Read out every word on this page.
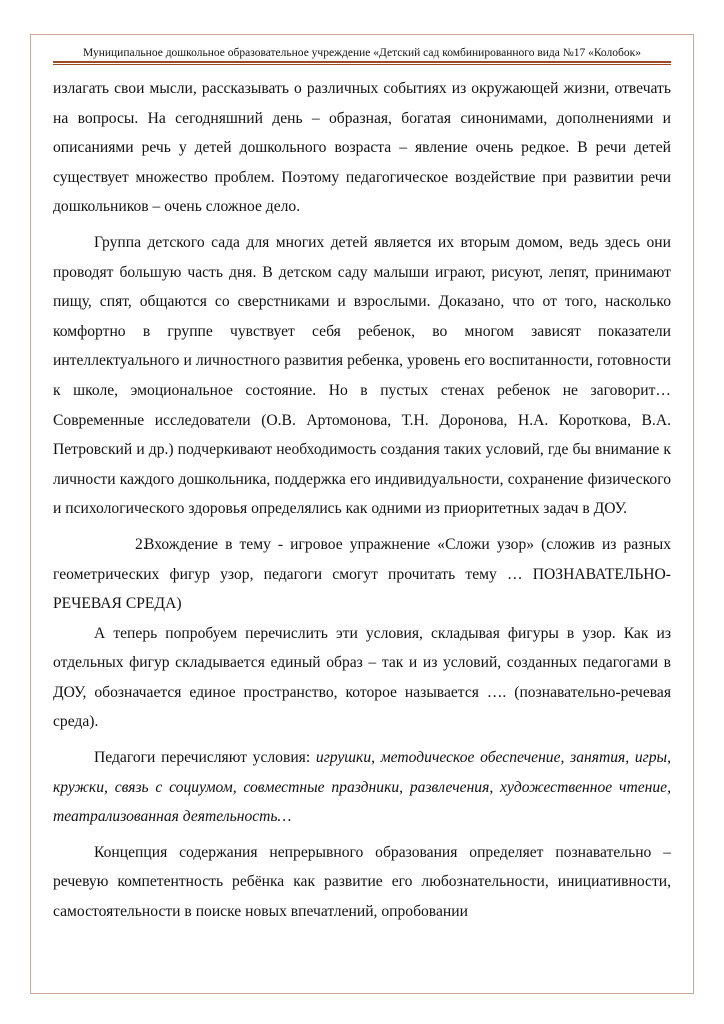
Муниципальное дошкольное образовательное учреждение «Детский сад комбинированного вида №17 «Колобок»

излагать свои мысли, рассказывать о различных событиях из окружающей жизни, отвечать на вопросы. На сегодняшний день – образная, богатая синонимами, дополнениями и описаниями речь у детей дошкольного возраста – явление очень редкое. В речи детей существует множество проблем. Поэтому педагогическое воздействие при развитии речи дошкольников – очень сложное дело.

Группа детского сада для многих детей является их вторым домом, ведь здесь они проводят большую часть дня. В детском саду малыши играют, рисуют, лепят, принимают пищу, спят, общаются со сверстниками и взрослыми. Доказано, что от того, насколько комфортно в группе чувствует себя ребенок, во многом зависят показатели интеллектуального и личностного развития ребенка, уровень его воспитанности, готовности к школе, эмоциональное состояние. Но в пустых стенах ребенок не заговорит… Современные исследователи (О.В. Артомонова, Т.Н. Доронова, Н.А. Короткова, В.А. Петровский и др.) подчеркивают необходимость создания таких условий, где бы внимание к личности каждого дошкольника, поддержка его индивидуальности, сохранение физического и психологического здоровья определялись как одними из приоритетных задач в ДОУ.

2.Вхождение в тему - игровое упражнение «Сложи узор» (сложив из разных геометрических фигур узор, педагоги смогут прочитать тему … ПОЗНАВАТЕЛЬНО-РЕЧЕВАЯ СРЕДА)

А теперь попробуем перечислить эти условия, складывая фигуры в узор. Как из отдельных фигур складывается единый образ – так и из условий, созданных педагогами в ДОУ, обозначается единое пространство, которое называется …. (познавательно-речевая среда).

Педагоги перечисляют условия: игрушки, методическое обеспечение, занятия, игры, кружки, связь с социумом, совместные праздники, развлечения, художественное чтение, театрализованная деятельность…

Концепция содержания непрерывного образования определяет познавательно – речевую компетентность ребёнка как развитие его любознательности, инициативности, самостоятельности в поиске новых впечатлений, опробовании
